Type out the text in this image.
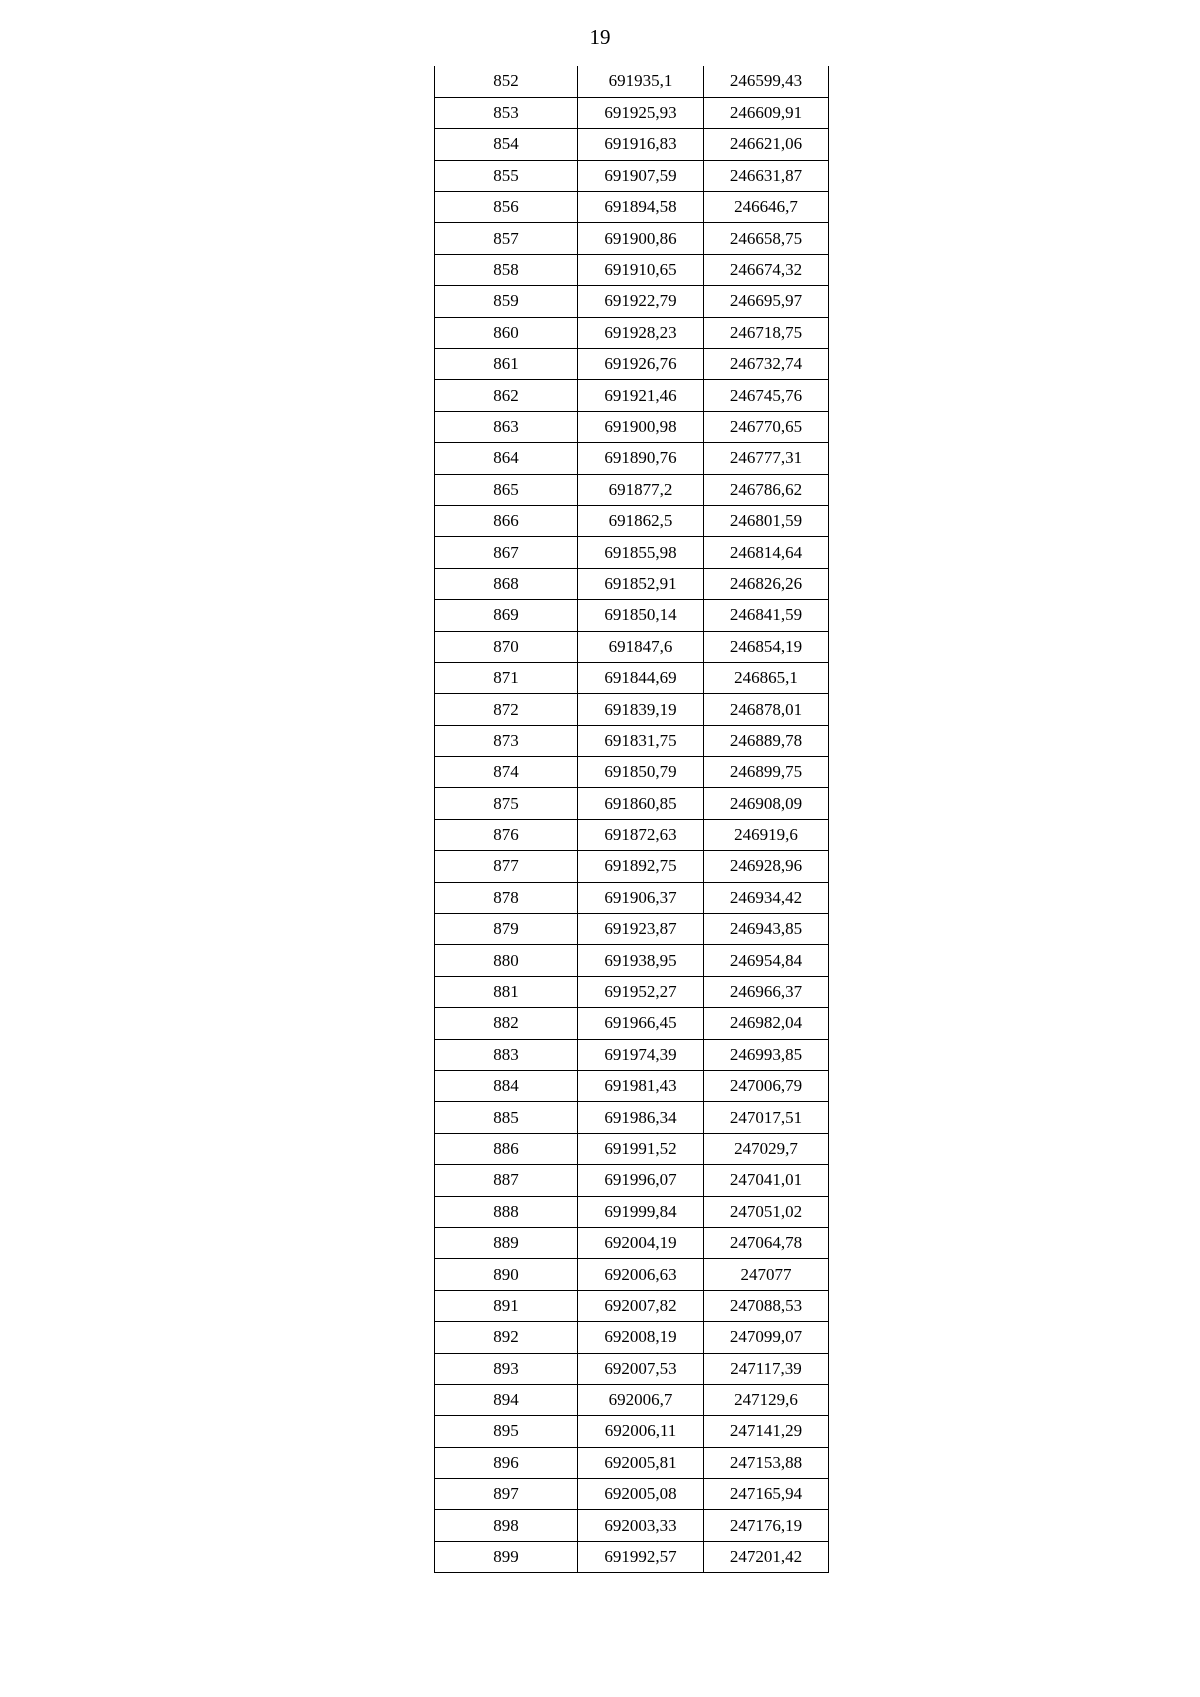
19
852	691935,1	246599,43
853	691925,93	246609,91
854	691916,83	246621,06
855	691907,59	246631,87
856	691894,58	246646,7
857	691900,86	246658,75
858	691910,65	246674,32
859	691922,79	246695,97
860	691928,23	246718,75
861	691926,76	246732,74
862	691921,46	246745,76
863	691900,98	246770,65
864	691890,76	246777,31
865	691877,2	246786,62
866	691862,5	246801,59
867	691855,98	246814,64
868	691852,91	246826,26
869	691850,14	246841,59
870	691847,6	246854,19
871	691844,69	246865,1
872	691839,19	246878,01
873	691831,75	246889,78
874	691850,79	246899,75
875	691860,85	246908,09
876	691872,63	246919,6
877	691892,75	246928,96
878	691906,37	246934,42
879	691923,87	246943,85
880	691938,95	246954,84
881	691952,27	246966,37
882	691966,45	246982,04
883	691974,39	246993,85
884	691981,43	247006,79
885	691986,34	247017,51
886	691991,52	247029,7
887	691996,07	247041,01
888	691999,84	247051,02
889	692004,19	247064,78
890	692006,63	247077
891	692007,82	247088,53
892	692008,19	247099,07
893	692007,53	247117,39
894	692006,7	247129,6
895	692006,11	247141,29
896	692005,81	247153,88
897	692005,08	247165,94
898	692003,33	247176,19
899	691992,57	247201,42
